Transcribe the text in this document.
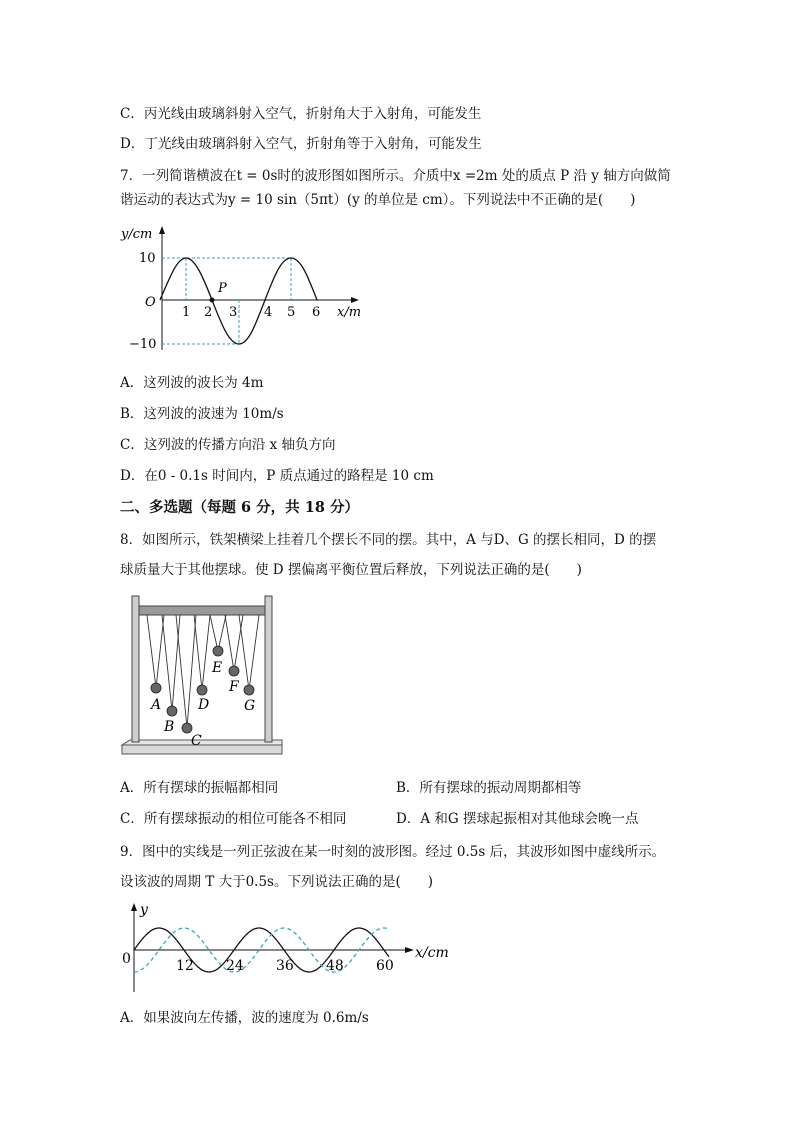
C．丙光线由玻璃斜射入空气，折射角大于入射角，可能发生
D．丁光线由玻璃斜射入空气，折射角等于入射角，可能发生
7．一列简谐横波在t = 0s时的波形图如图所示。介质中x =2m 处的质点 P 沿 y 轴方向做简
谐运动的表达式为y = 10 sin（5πt）(y 的单位是 cm）。下列说法中不正确的是(　　)
y/cm
O
10
−10
1 2 3 4 5 6 x/m
P
A．这列波的波长为 4m
B．这列波的波速为 10m/s
C．这列波的传播方向沿 x 轴负方向
D．在0 - 0.1s 时间内，P 质点通过的路程是 10 cm
二、多选题（每题 6 分，共 18 分）
8．如图所示，铁架横梁上挂着几个摆长不同的摆。其中，A 与D、G 的摆长相同，D 的摆
球质量大于其他摆球。使 D 摆偏离平衡位置后释放，下列说法正确的是(　　)
A
B
C
D
E
F
G
A．所有摆球的振幅都相同	B．所有摆球的振动周期都相等
C．所有摆球振动的相位可能各不相同	D．A 和G 摆球起振相对其他球会晚一点
9．图中的实线是一列正弦波在某一时刻的波形图。经过 0.5s 后，其波形如图中虚线所示。
设该波的周期 T 大于0.5s。下列说法正确的是(　　)
y
0	12 24 36 48 60
x/cm
A．如果波向左传播，波的速度为 0.6m/s
